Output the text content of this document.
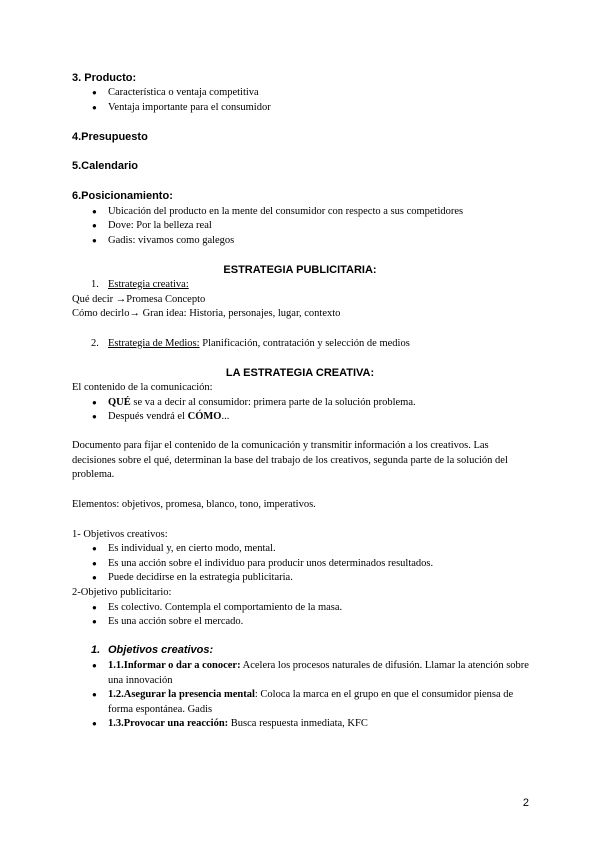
3. Producto:
● Característica o ventaja competitiva
● Ventaja importante para el consumidor
4.Presupuesto
5.Calendario
6.Posicionamiento:
● Ubicación del producto en la mente del consumidor con respecto a sus competidores
● Dove: Por la belleza real
● Gadis: vivamos como galegos
ESTRATEGIA PUBLICITARIA:
1. Estrategia creativa:
Qué decir →Promesa Concepto
Cómo decirlo→ Gran idea: Historia, personajes, lugar, contexto
2. Estrategia de Medios: Planificación, contratación y selección de medios
LA ESTRATEGIA CREATIVA:
El contenido de la comunicación:
● QUÉ se va a decir al consumidor: primera parte de la solución problema.
● Después vendrá el CÓMO...
Documento para fijar el contenido de la comunicación y transmitir información a los creativos. Las decisiones sobre el qué, determinan la base del trabajo de los creativos, segunda parte de la solución del problema.
Elementos: objetivos, promesa, blanco, tono, imperativos.
1- Objetivos creativos:
● Es individual y, en cierto modo, mental.
● Es una acción sobre el individuo para producir unos determinados resultados.
● Puede decidirse en la estrategia publicitaria.
2-Objetivo publicitario:
● Es colectivo. Contempla el comportamiento de la masa.
● Es una acción sobre el mercado.
1. Objetivos creativos:
● 1.1.Informar o dar a conocer: Acelera los procesos naturales de difusión. Llamar la atención sobre una innovación
● 1.2.Asegurar la presencia mental: Coloca la marca en el grupo en que el consumidor piensa de forma espontánea. Gadis
● 1.3.Provocar una reacción: Busca respuesta inmediata, KFC
2
